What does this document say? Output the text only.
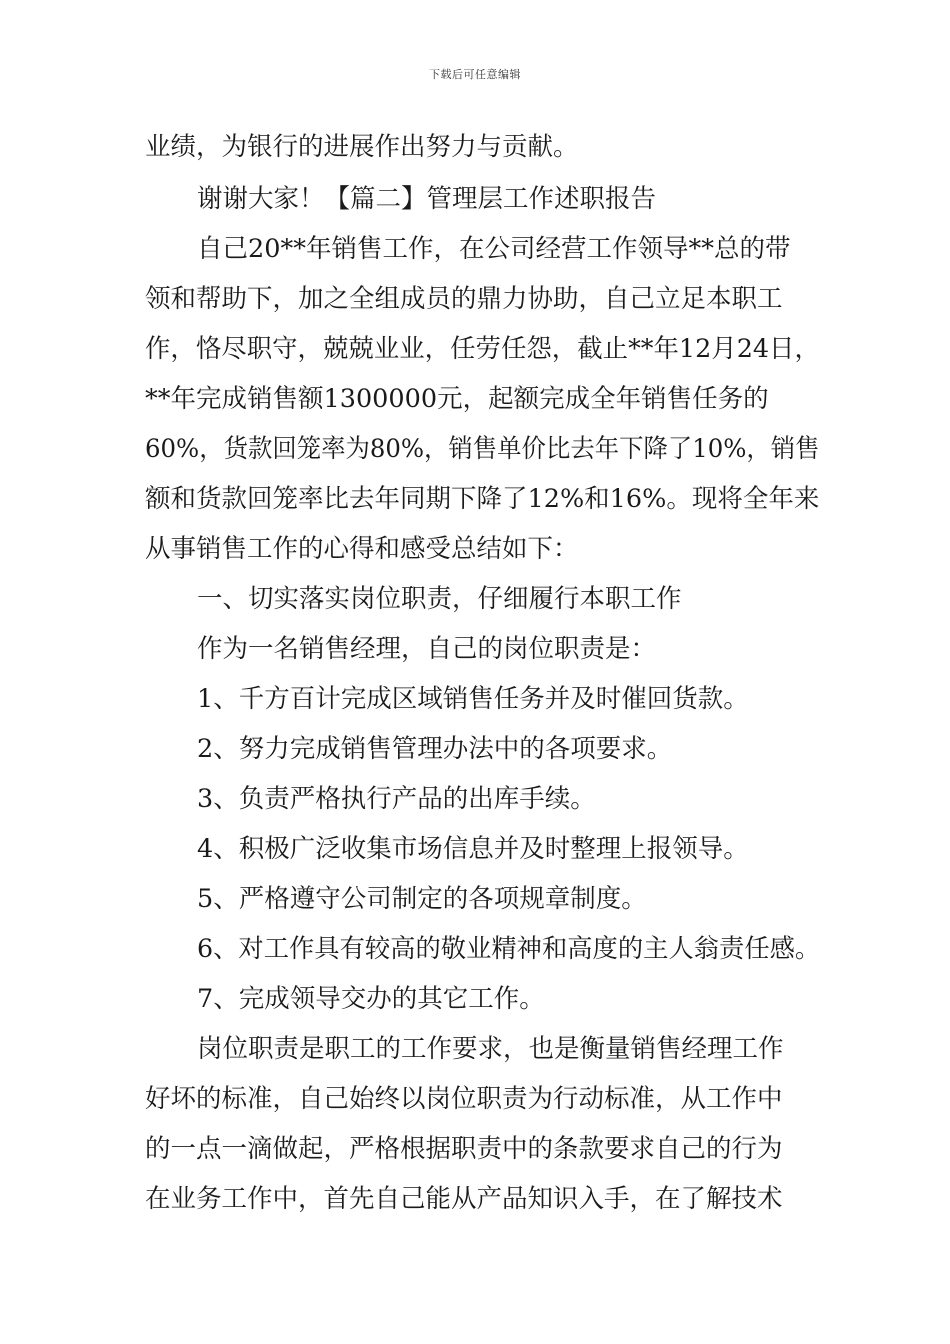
下载后可任意编辑
业绩，为银行的进展作出努力与贡献。
谢谢大家！【篇二】管理层工作述职报告
自己20**年销售工作，在公司经营工作领导**总的带
领和帮助下，加之全组成员的鼎力协助，自己立足本职工
作，恪尽职守，兢兢业业，任劳任怨，截止**年12月24日，
**年完成销售额1300000元，起额完成全年销售任务的
60%，货款回笼率为80%，销售单价比去年下降了10%，销售
额和货款回笼率比去年同期下降了12%和16%。现将全年来
从事销售工作的心得和感受总结如下：
一、切实落实岗位职责，仔细履行本职工作
作为一名销售经理，自己的岗位职责是：
1、千方百计完成区域销售任务并及时催回货款。
2、努力完成销售管理办法中的各项要求。
3、负责严格执行产品的出库手续。
4、积极广泛收集市场信息并及时整理上报领导。
5、严格遵守公司制定的各项规章制度。
6、对工作具有较高的敬业精神和高度的主人翁责任感。
7、完成领导交办的其它工作。
岗位职责是职工的工作要求，也是衡量销售经理工作
好坏的标准，自己始终以岗位职责为行动标准，从工作中
的一点一滴做起，严格根据职责中的条款要求自己的行为
在业务工作中，首先自己能从产品知识入手，在了解技术
